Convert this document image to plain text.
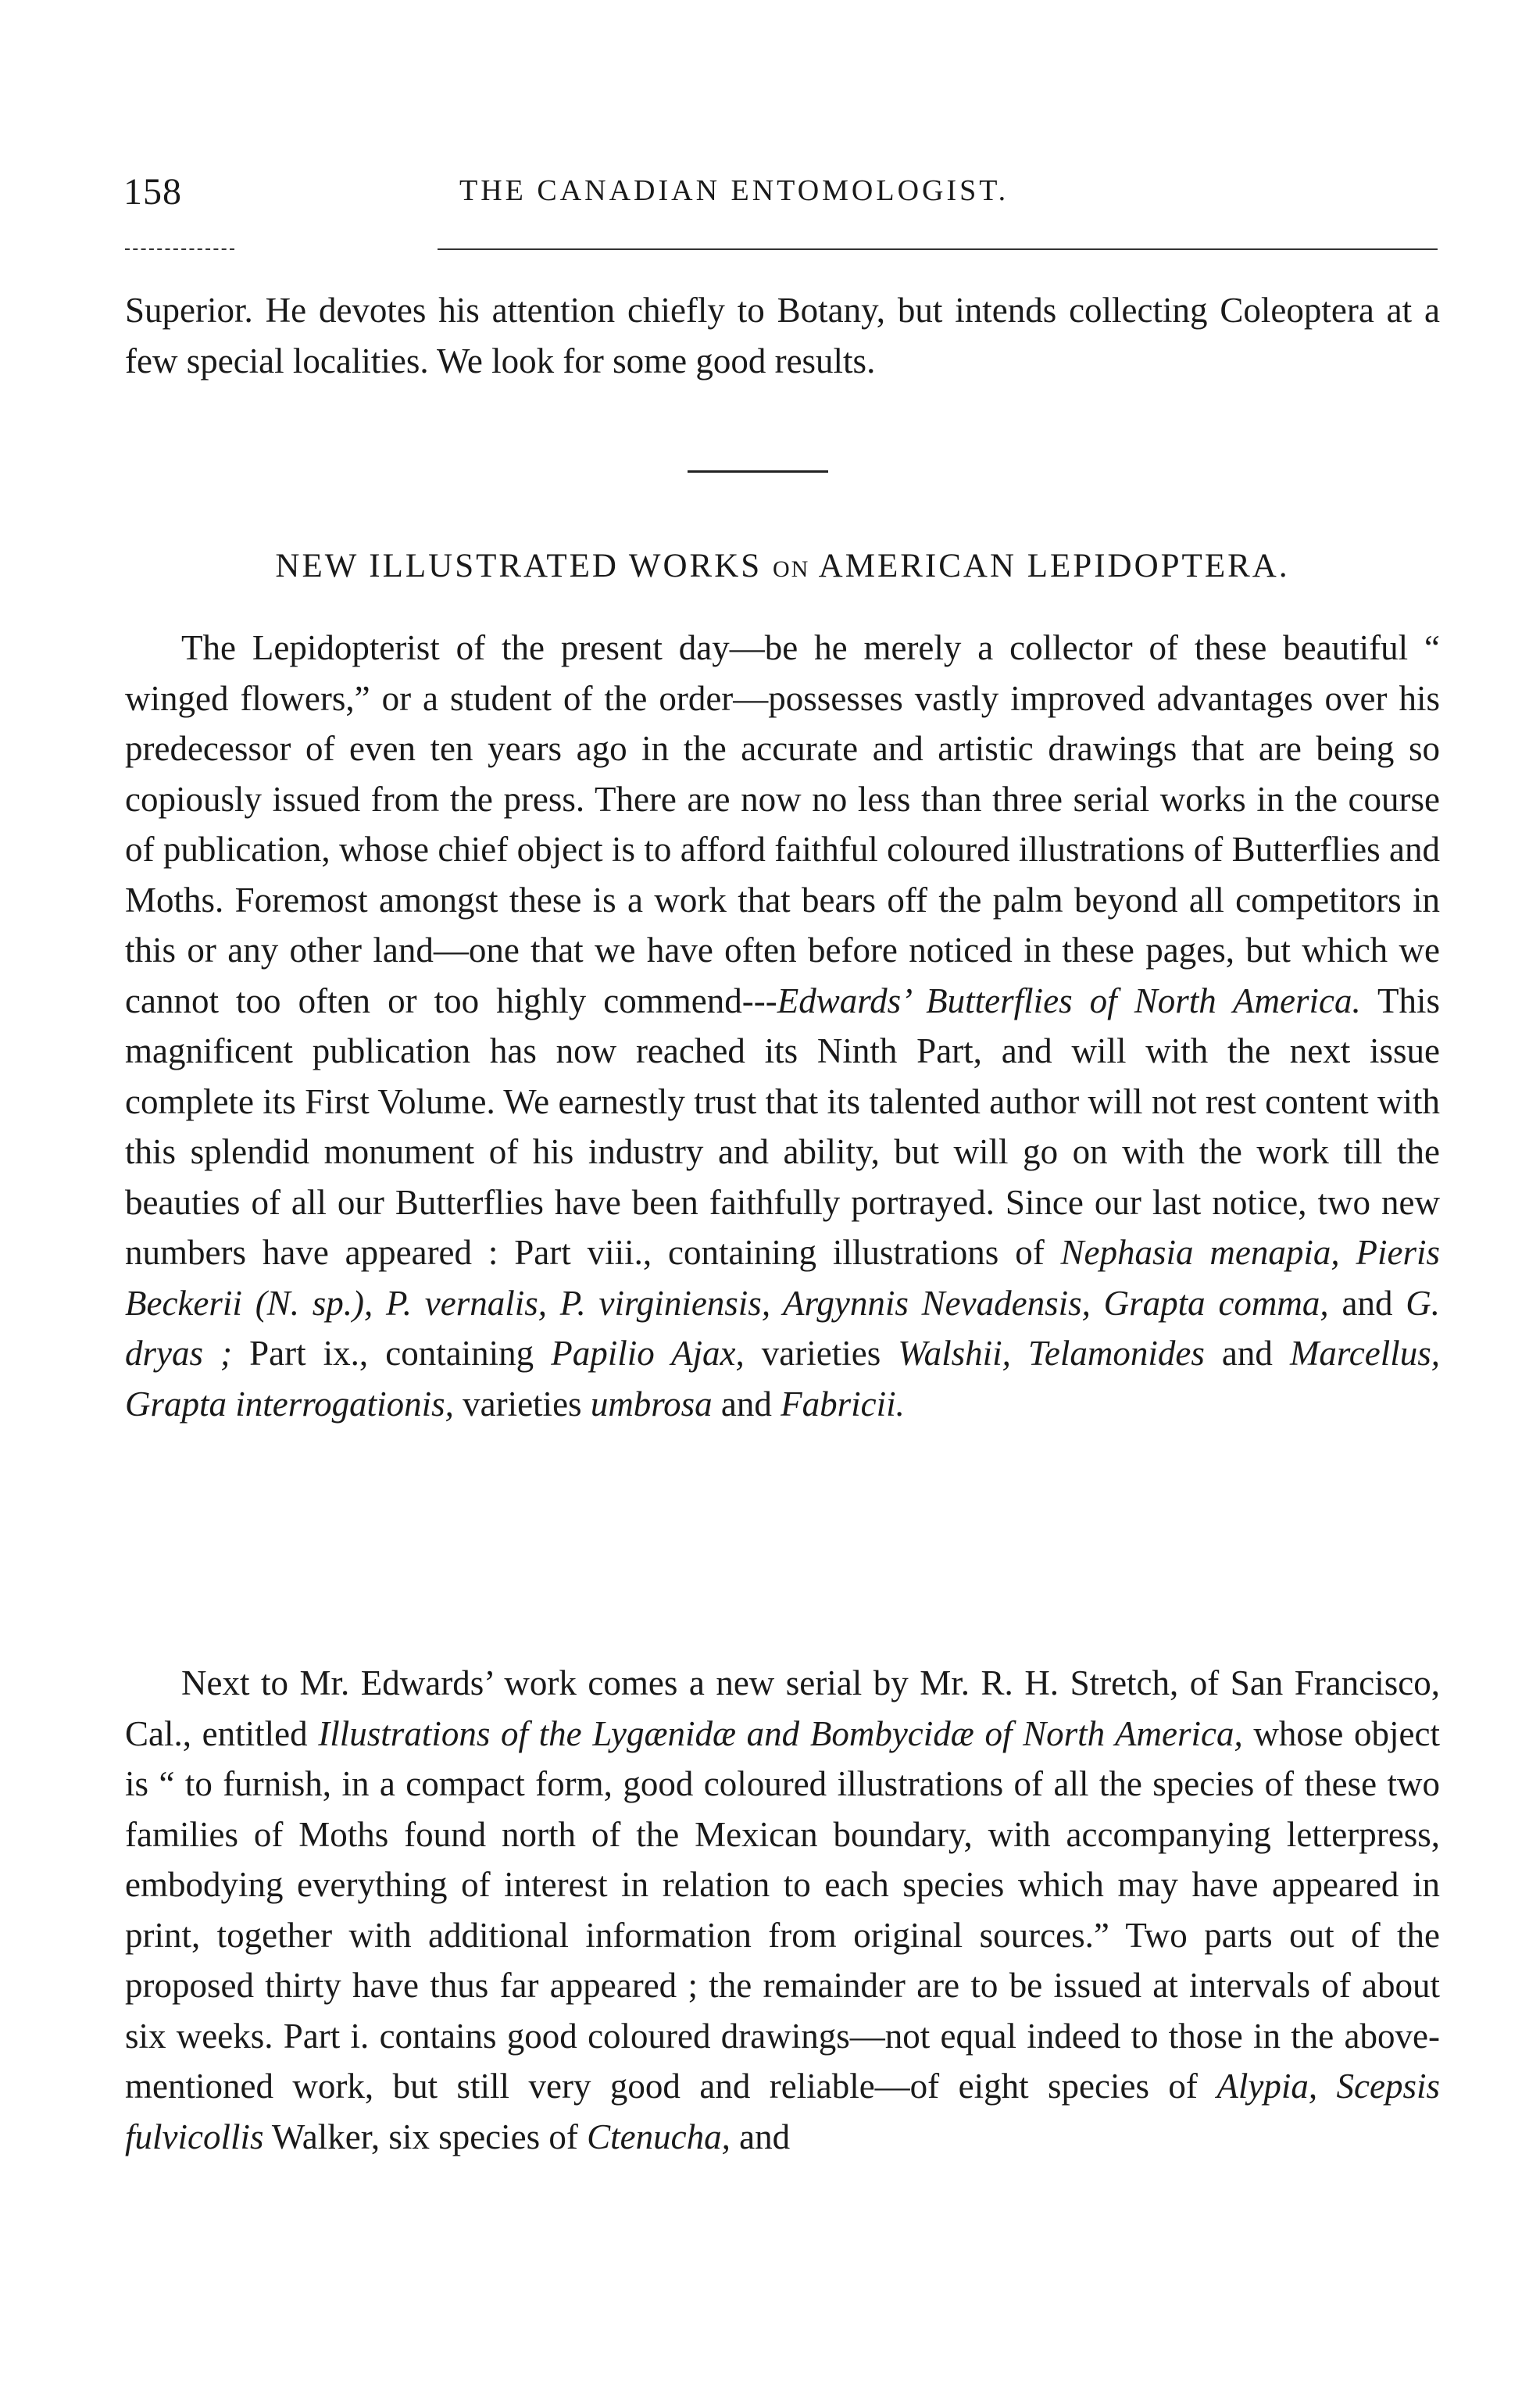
158	THE CANADIAN ENTOMOLOGIST.

Superior. He devotes his attention chiefly to Botany, but intends collecting Coleoptera at a few special localities. We look for some good results.

NEW ILLUSTRATED WORKS ON AMERICAN LEPIDOPTERA.

The Lepidopterist of the present day—be he merely a collector of these beautiful “ winged flowers,” or a student of the order—possesses vastly improved advantages over his predecessor of even ten years ago in the accurate and artistic drawings that are being so copiously issued from the press. There are now no less than three serial works in the course of publication, whose chief object is to afford faithful coloured illustrations of Butterflies and Moths. Foremost amongst these is a work that bears off the palm beyond all competitors in this or any other land—one that we have often before noticed in these pages, but which we cannot too often or too highly commend---Edwards’ Butterflies of North America. This magnificent publication has now reached its Ninth Part, and will with the next issue complete its First Volume. We earnestly trust that its talented author will not rest content with this splendid monument of his industry and ability, but will go on with the work till the beauties of all our Butterflies have been faithfully portrayed. Since our last notice, two new numbers have appeared : Part viii., containing illustrations of Nephasia menapia, Pieris Beckerii (N. sp.), P. vernalis, P. virginiensis, Argynnis Nevadensis, Grapta comma, and G. dryas ; Part ix., containing Papilio Ajax, varieties Walshii, Telamonides and Marcellus, Grapta interrogationis, varieties umbrosa and Fabricii.

Next to Mr. Edwards’ work comes a new serial by Mr. R. H. Stretch, of San Francisco, Cal., entitled Illustrations of the Lygænidæ and Bombycidæ of North America, whose object is “ to furnish, in a compact form, good coloured illustrations of all the species of these two families of Moths found north of the Mexican boundary, with accompanying letterpress, embodying everything of interest in relation to each species which may have appeared in print, together with additional information from original sources.” Two parts out of the proposed thirty have thus far appeared ; the remainder are to be issued at intervals of about six weeks. Part i. contains good coloured drawings—not equal indeed to those in the above-mentioned work, but still very good and reliable—of eight species of Alypia, Scepsis fulvicollis Walker, six species of Ctenucha, and
